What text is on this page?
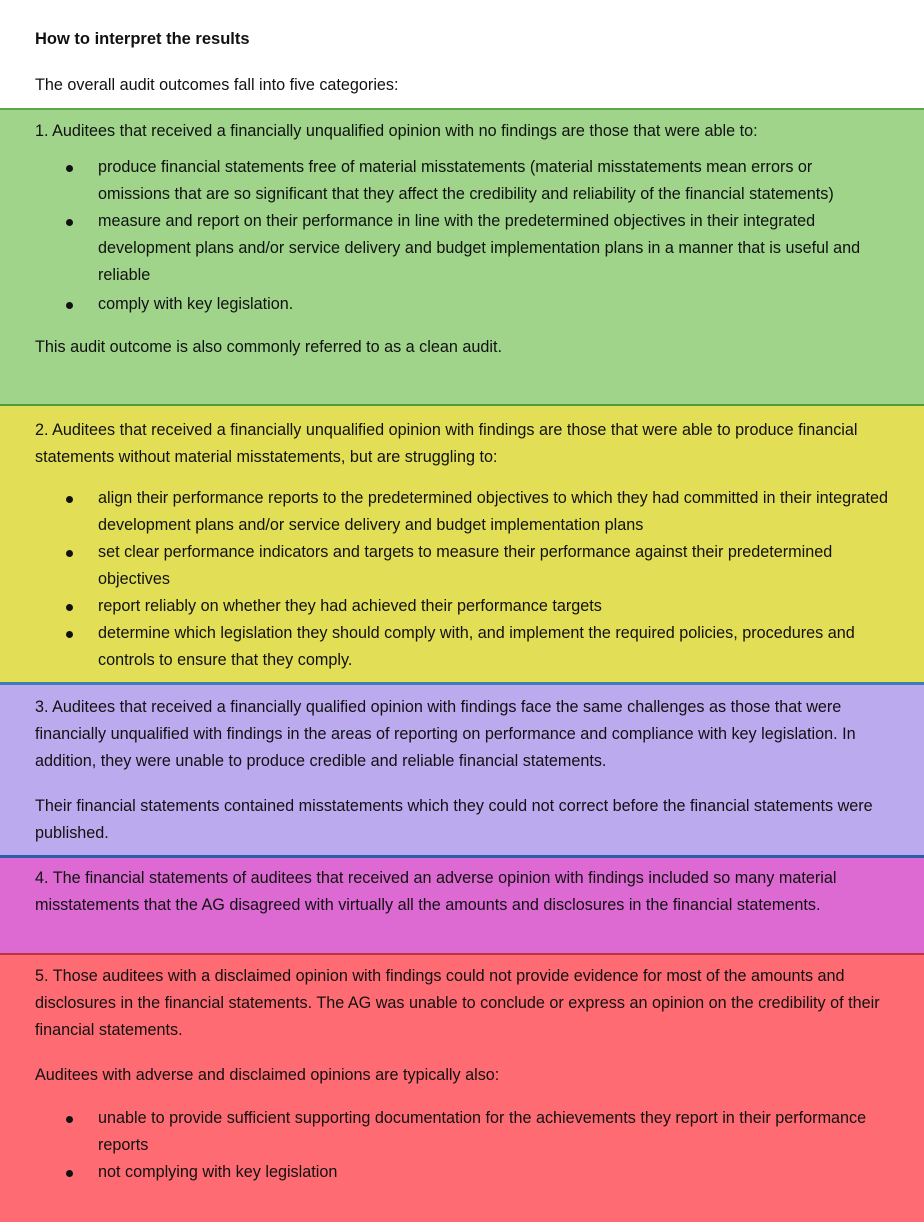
How to interpret the results

The overall audit outcomes fall into five categories:

1. Auditees that received a financially unqualified opinion with no findings are those that were able to:

produce financial statements free of material misstatements (material misstatements mean errors or omissions that are so significant that they affect the credibility and reliability of the financial statements)
measure and report on their performance in line with the predetermined objectives in their integrated development plans and/or service delivery and budget implementation plans in a manner that is useful and reliable
comply with key legislation.

This audit outcome is also commonly referred to as a clean audit.

2. Auditees that received a financially unqualified opinion with findings are those that were able to produce financial statements without material misstatements, but are struggling to:

align their performance reports to the predetermined objectives to which they had committed in their integrated development plans and/or service delivery and budget implementation plans
set clear performance indicators and targets to measure their performance against their predetermined objectives
report reliably on whether they had achieved their performance targets
determine which legislation they should comply with, and implement the required policies, procedures and controls to ensure that they comply.

3. Auditees that received a financially qualified opinion with findings face the same challenges as those that were financially unqualified with findings in the areas of reporting on performance and compliance with key legislation. In addition, they were unable to produce credible and reliable financial statements.

Their financial statements contained misstatements which they could not correct before the financial statements were published.

4. The financial statements of auditees that received an adverse opinion with findings included so many material misstatements that the AG disagreed with virtually all the amounts and disclosures in the financial statements.

5. Those auditees with a disclaimed opinion with findings could not provide evidence for most of the amounts and disclosures in the financial statements. The AG was unable to conclude or express an opinion on the credibility of their financial statements.

Auditees with adverse and disclaimed opinions are typically also:

unable to provide sufficient supporting documentation for the achievements they report in their performance reports
not complying with key legislation
